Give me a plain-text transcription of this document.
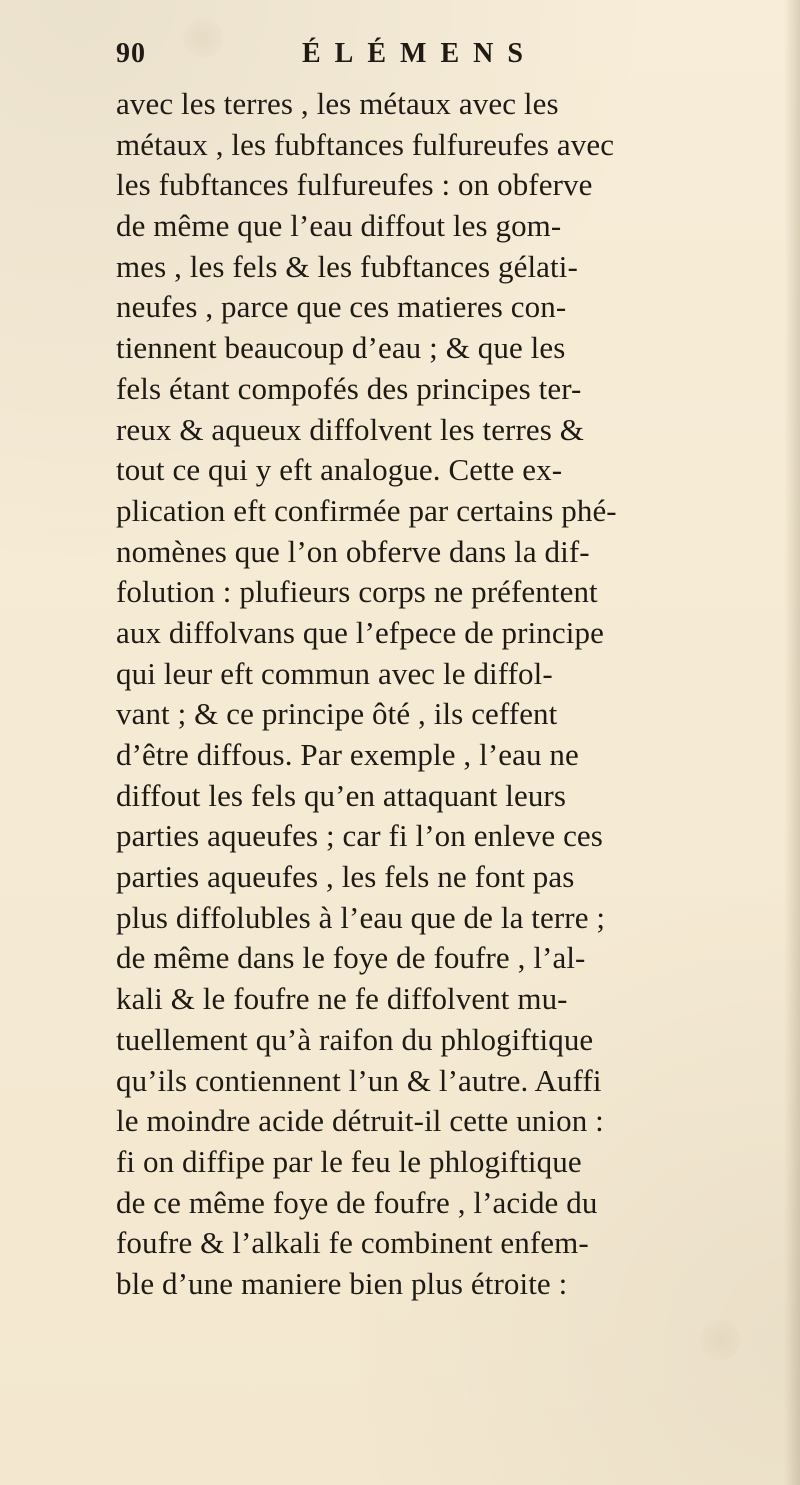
90	ÉLÉMENS
avec les terres , les métaux avec les
métaux , les fubftances fulfureufes avec
les fubftances fulfureufes : on obferve
de même que l’eau diffout les gom-
mes , les fels & les fubftances gélati-
neufes , parce que ces matieres con-
tiennent beaucoup d’eau ; & que les
fels étant compofés des principes ter-
reux & aqueux diffolvent les terres &
tout ce qui y eft analogue. Cette ex-
plication eft confirmée par certains phé-
nomènes que l’on obferve dans la dif-
folution : plufieurs corps ne préfentent
aux diffolvans que l’efpece de principe
qui leur eft commun avec le diffol-
vant ; & ce principe ôté , ils ceffent
d’être diffous. Par exemple , l’eau ne
diffout les fels qu’en attaquant leurs
parties aqueufes ; car fi l’on enleve ces
parties aqueufes , les fels ne font pas
plus diffolubles à l’eau que de la terre ;
de même dans le foye de foufre , l’al-
kali & le foufre ne fe diffolvent mu-
tuellement qu’à raifon du phlogiftique
qu’ils contiennent l’un & l’autre. Auffi
le moindre acide détruit-il cette union :
fi on diffipe par le feu le phlogiftique
de ce même foye de foufre , l’acide du
foufre & l’alkali fe combinent enfem-
ble d’une maniere bien plus étroite :
